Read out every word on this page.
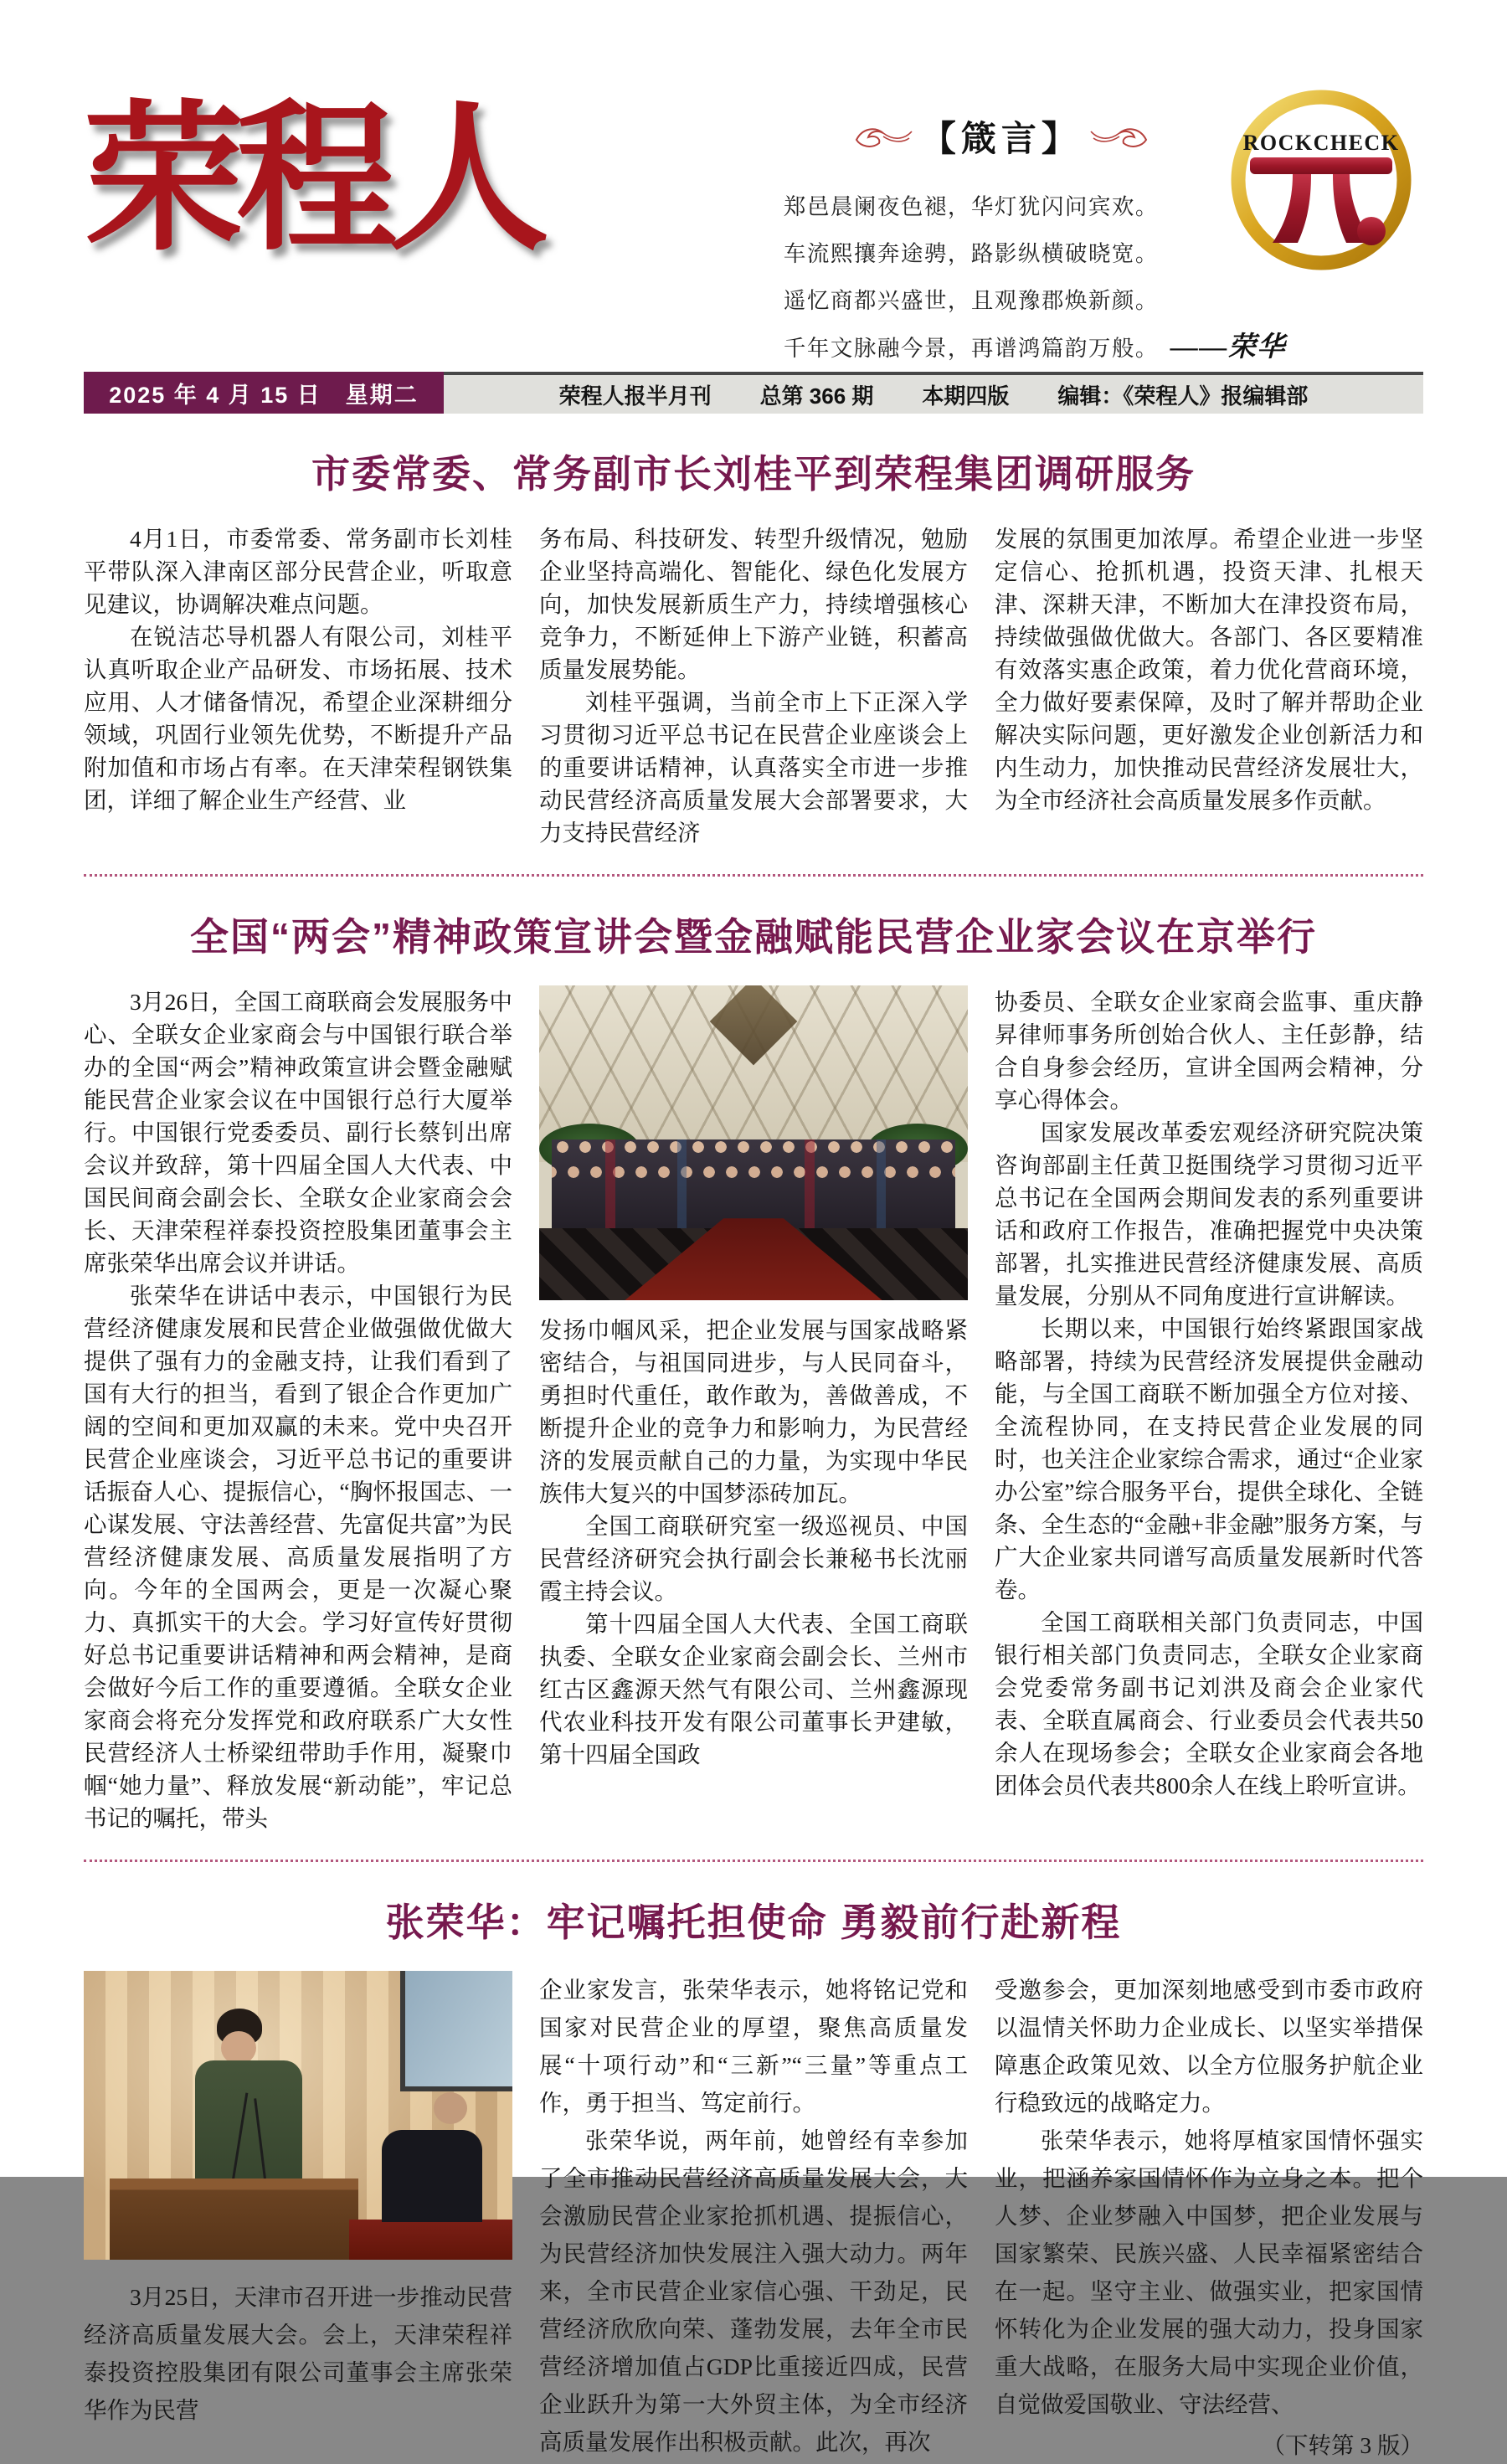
荣程人	【箴言】
郑邑晨阑夜色褪，华灯犹闪问宾欢。
车流熙攘奔途骋，路影纵横破晓宽。
遥忆商都兴盛世，且观豫郡焕新颜。
千年文脉融今景，再谱鸿篇韵万般。 ——荣华
ROCKCHECK
2025 年 4 月 15 日　星期二	荣程人报半月刊 总第 366 期 本期四版 编辑：《荣程人》报编辑部
市委常委、常务副市长刘桂平到荣程集团调研服务

4月1日，市委常委、常务副市长刘桂平带队深入津南区部分民营企业，听取意见建议，协调解决难点问题。

在锐洁芯导机器人有限公司，刘桂平认真听取企业产品研发、市场拓展、技术应用、人才储备情况，希望企业深耕细分领域，巩固行业领先优势，不断提升产品附加值和市场占有率。在天津荣程钢铁集团，详细了解企业生产经营、业

务布局、科技研发、转型升级情况，勉励企业坚持高端化、智能化、绿色化发展方向，加快发展新质生产力，持续增强核心竞争力，不断延伸上下游产业链，积蓄高质量发展势能。

刘桂平强调，当前全市上下正深入学习贯彻习近平总书记在民营企业座谈会上的重要讲话精神，认真落实全市进一步推动民营经济高质量发展大会部署要求，大力支持民营经济

发展的氛围更加浓厚。希望企业进一步坚定信心、抢抓机遇，投资天津、扎根天津、深耕天津，不断加大在津投资布局，持续做强做优做大。各部门、各区要精准有效落实惠企政策，着力优化营商环境，全力做好要素保障，及时了解并帮助企业解决实际问题，更好激发企业创新活力和内生动力，加快推动民营经济发展壮大，为全市经济社会高质量发展多作贡献。

全国“两会”精神政策宣讲会暨金融赋能民营企业家会议在京举行

3月26日，全国工商联商会发展服务中心、全联女企业家商会与中国银行联合举办的全国“两会”精神政策宣讲会暨金融赋能民营企业家会议在中国银行总行大厦举行。中国银行党委委员、副行长蔡钊出席会议并致辞，第十四届全国人大代表、中国民间商会副会长、全联女企业家商会会长、天津荣程祥泰投资控股集团董事会主席张荣华出席会议并讲话。

张荣华在讲话中表示，中国银行为民营经济健康发展和民营企业做强做优做大提供了强有力的金融支持，让我们看到了国有大行的担当，看到了银企合作更加广阔的空间和更加双赢的未来。党中央召开民营企业座谈会，习近平总书记的重要讲话振奋人心、提振信心，“胸怀报国志、一心谋发展、守法善经营、先富促共富”为民营经济健康发展、高质量发展指明了方向。今年的全国两会，更是一次凝心聚力、真抓实干的大会。学习好宣传好贯彻好总书记重要讲话精神和两会精神，是商会做好今后工作的重要遵循。全联女企业家商会将充分发挥党和政府联系广大女性民营经济人士桥梁纽带助手作用，凝聚巾帼“她力量”、释放发展“新动能”，牢记总书记的嘱托，带头

发扬巾帼风采，把企业发展与国家战略紧密结合，与祖国同进步，与人民同奋斗，勇担时代重任，敢作敢为，善做善成，不断提升企业的竞争力和影响力，为民营经济的发展贡献自己的力量，为实现中华民族伟大复兴的中国梦添砖加瓦。

全国工商联研究室一级巡视员、中国民营经济研究会执行副会长兼秘书长沈丽霞主持会议。

第十四届全国人大代表、全国工商联执委、全联女企业家商会副会长、兰州市红古区鑫源天然气有限公司、兰州鑫源现代农业科技开发有限公司董事长尹建敏，第十四届全国政

协委员、全联女企业家商会监事、重庆静昇律师事务所创始合伙人、主任彭静，结合自身参会经历，宣讲全国两会精神，分享心得体会。

国家发展改革委宏观经济研究院决策咨询部副主任黄卫挺围绕学习贯彻习近平总书记在全国两会期间发表的系列重要讲话和政府工作报告，准确把握党中央决策部署，扎实推进民营经济健康发展、高质量发展，分别从不同角度进行宣讲解读。

长期以来，中国银行始终紧跟国家战略部署，持续为民营经济发展提供金融动能，与全国工商联不断加强全方位对接、全流程协同，在支持民营企业发展的同时，也关注企业家综合需求，通过“企业家办公室”综合服务平台，提供全球化、全链条、全生态的“金融+非金融”服务方案，与广大企业家共同谱写高质量发展新时代答卷。

全国工商联相关部门负责同志，中国银行相关部门负责同志，全联女企业家商会党委常务副书记刘洪及商会企业家代表、全联直属商会、行业委员会代表共50余人在现场参会；全联女企业家商会各地团体会员代表共800余人在线上聆听宣讲。

张荣华：牢记嘱托担使命 勇毅前行赴新程

3月25日，天津市召开进一步推动民营经济高质量发展大会。会上，天津荣程祥泰投资控股集团有限公司董事会主席张荣华作为民营

企业家发言，张荣华表示，她将铭记党和国家对民营企业的厚望，聚焦高质量发展“十项行动”和“三新”“三量”等重点工作，勇于担当、笃定前行。

张荣华说，两年前，她曾经有幸参加了全市推动民营经济高质量发展大会，大会激励民营企业家抢抓机遇、提振信心，为民营经济加快发展注入强大动力。两年来，全市民营企业家信心强、干劲足，民营经济欣欣向荣、蓬勃发展，去年全市民营经济增加值占GDP比重接近四成，民营企业跃升为第一大外贸主体，为全市经济高质量发展作出积极贡献。此次，再次

受邀参会，更加深刻地感受到市委市政府以温情关怀助力企业成长、以坚实举措保障惠企政策见效、以全方位服务护航企业行稳致远的战略定力。

张荣华表示，她将厚植家国情怀强实业，把涵养家国情怀作为立身之本。把个人梦、企业梦融入中国梦，把企业发展与国家繁荣、民族兴盛、人民幸福紧密结合在一起。坚守主业、做强实业，把家国情怀转化为企业发展的强大动力，投身国家重大战略，在服务大局中实现企业价值，自觉做爱国敬业、守法经营、

（下转第 3 版）
